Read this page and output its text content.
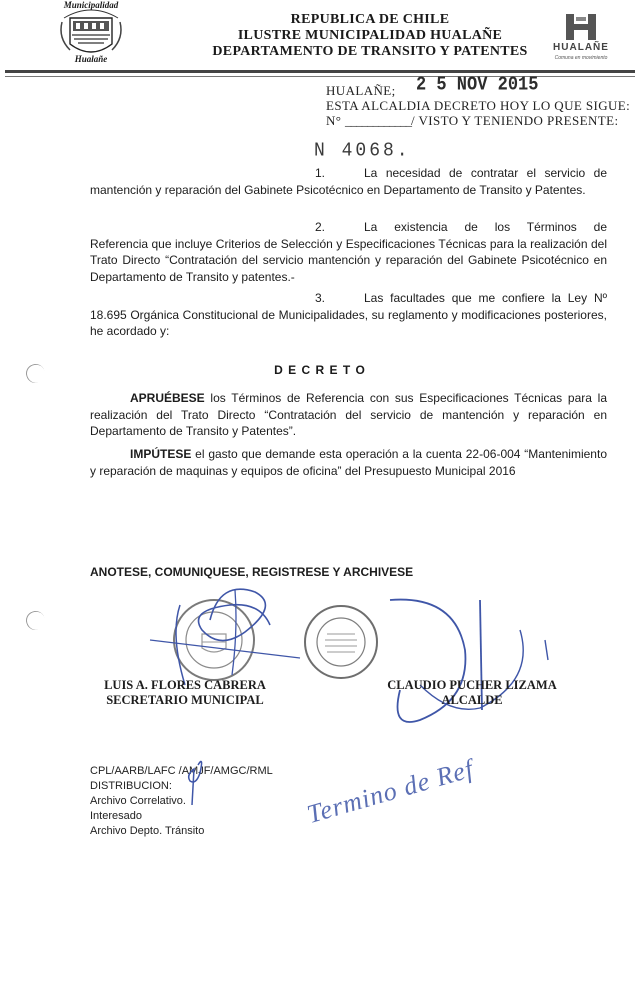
Municipalidad
Hualañe
REPUBLICA DE CHILE
ILUSTRE MUNICIPALIDAD HUALAÑE
DEPARTAMENTO DE TRANSITO Y PATENTES	HUALAÑE
Comuna en movimiento
HUALAÑE; 2 5 NOV 2015
ESTA ALCALDIA DECRETO HOY LO QUE SIGUE:
N° ____________/ VISTO Y TENIENDO PRESENTE:
N 4068.
1.	La necesidad de contratar el servicio de mantención y reparación del Gabinete Psicotécnico en Departamento de Transito y Patentes.
2.	La existencia de los Términos de Referencia que incluye Criterios de Selección y Especificaciones Técnicas para la realización del Trato Directo “Contratación del servicio mantención y reparación del Gabinete Psicotécnico en Departamento de Transito y patentes.-
3.	Las facultades que me confiere la Ley Nº 18.695 Orgánica Constitucional de Municipalidades, su reglamento y modificaciones posteriores, he acordado y:
D E C R E T O
APRUÉBESE los Términos de Referencia con sus Especificaciones Técnicas para la realización del Trato Directo “Contratación del servicio de mantención y reparación en Departamento de Transito y Patentes”.
IMPÚTESE el gasto que demande esta operación a la cuenta 22-06-004 “Mantenimiento y reparación de maquinas y equipos de oficina” del Presupuesto Municipal 2016
ANOTESE, COMUNIQUESE, REGISTRESE Y ARCHIVESE
LUIS A. FLORES CABRERA
SECRETARIO MUNICIPAL
CLAUDIO PUCHER LIZAMA
ALCALDE
CPL/AARB/LAFC /AMJF/AMGC/RML
DISTRIBUCION:
Archivo Correlativo.
Interesado
Archivo Depto. Tránsito
Termino de Ref
